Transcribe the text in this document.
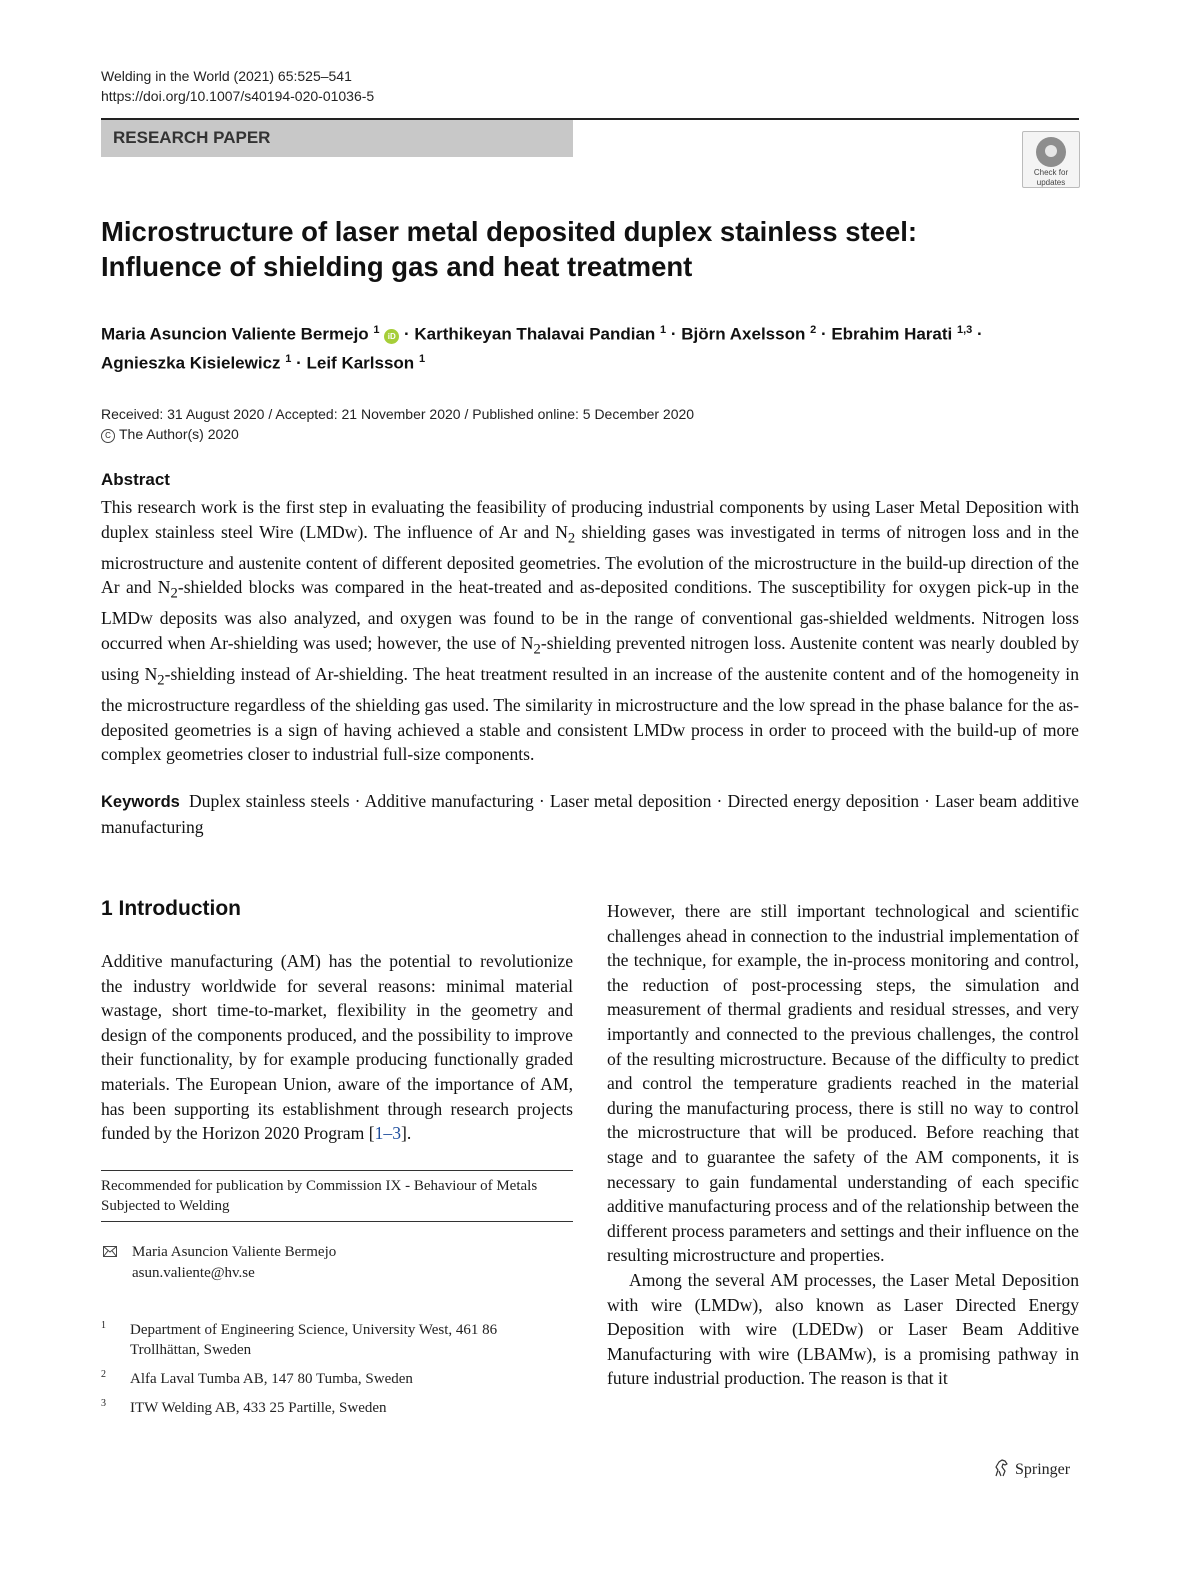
Welding in the World (2021) 65:525–541
https://doi.org/10.1007/s40194-020-01036-5
RESEARCH PAPER
Check for
updates
Microstructure of laser metal deposited duplex stainless steel:
Influence of shielding gas and heat treatment
Maria Asuncion Valiente Bermejo $^1$ iD · Karthikeyan Thalavai Pandian $^1$ · Björn Axelsson $^2$ · Ebrahim Harati $^{1,3}$ ·
Agnieszka Kisielewicz $^1$ · Leif Karlsson $^1$
Received: 31 August 2020 / Accepted: 21 November 2020 / Published online: 5 December 2020
C The Author(s) 2020
Abstract
This research work is the first step in evaluating the feasibility of producing industrial components by using Laser Metal Deposition with duplex stainless steel Wire (LMDw). The influence of Ar and $N_2$ shielding gases was investigated in terms of nitrogen loss and in the microstructure and austenite content of different deposited geometries. The evolution of the microstructure in the build-up direction of the Ar and $N_2$-shielded blocks was compared in the heat-treated and as-deposited conditions. The susceptibility for oxygen pick-up in the LMDw deposits was also analyzed, and oxygen was found to be in the range of conventional gas-shielded weldments. Nitrogen loss occurred when Ar-shielding was used; however, the use of $N_2$-shielding prevented nitrogen loss. Austenite content was nearly doubled by using $N_2$-shielding instead of Ar-shielding. The heat treatment resulted in an increase of the austenite content and of the homogeneity in the microstructure regardless of the shielding gas used. The similarity in microstructure and the low spread in the phase balance for the as-deposited geometries is a sign of having achieved a stable and consistent LMDw process in order to proceed with the build-up of more complex geometries closer to industrial full-size components.
Keywords Duplex stainless steels · Additive manufacturing · Laser metal deposition · Directed energy deposition · Laser beam additive manufacturing
1 Introduction
Additive manufacturing (AM) has the potential to revolutionize the industry worldwide for several reasons: minimal material wastage, short time-to-market, flexibility in the geometry and design of the components produced, and the possibility to improve their functionality, by for example producing functionally graded materials. The European Union, aware of the importance of AM, has been supporting its establishment through research projects funded by the Horizon 2020 Program [1–3].
Recommended for publication by Commission IX - Behaviour of Metals Subjected to Welding
Maria Asuncion Valiente Bermejo
asun.valiente@hv.se
1 Department of Engineering Science, University West, 461 86 Trollhättan, Sweden
2 Alfa Laval Tumba AB, 147 80 Tumba, Sweden
3 ITW Welding AB, 433 25 Partille, Sweden

However, there are still important technological and scientific challenges ahead in connection to the industrial implementation of the technique, for example, the in-process monitoring and control, the reduction of post-processing steps, the simulation and measurement of thermal gradients and residual stresses, and very importantly and connected to the previous challenges, the control of the resulting microstructure. Because of the difficulty to predict and control the temperature gradients reached in the material during the manufacturing process, there is still no way to control the microstructure that will be produced. Before reaching that stage and to guarantee the safety of the AM components, it is necessary to gain fundamental understanding of each specific additive manufacturing process and of the relationship between the different process parameters and settings and their influence on the resulting microstructure and properties.

Among the several AM processes, the Laser Metal Deposition with wire (LMDw), also known as Laser Directed Energy Deposition with wire (LDEDw) or Laser Beam Additive Manufacturing with wire (LBAMw), is a promising pathway in future industrial production. The reason is that it

Springer
